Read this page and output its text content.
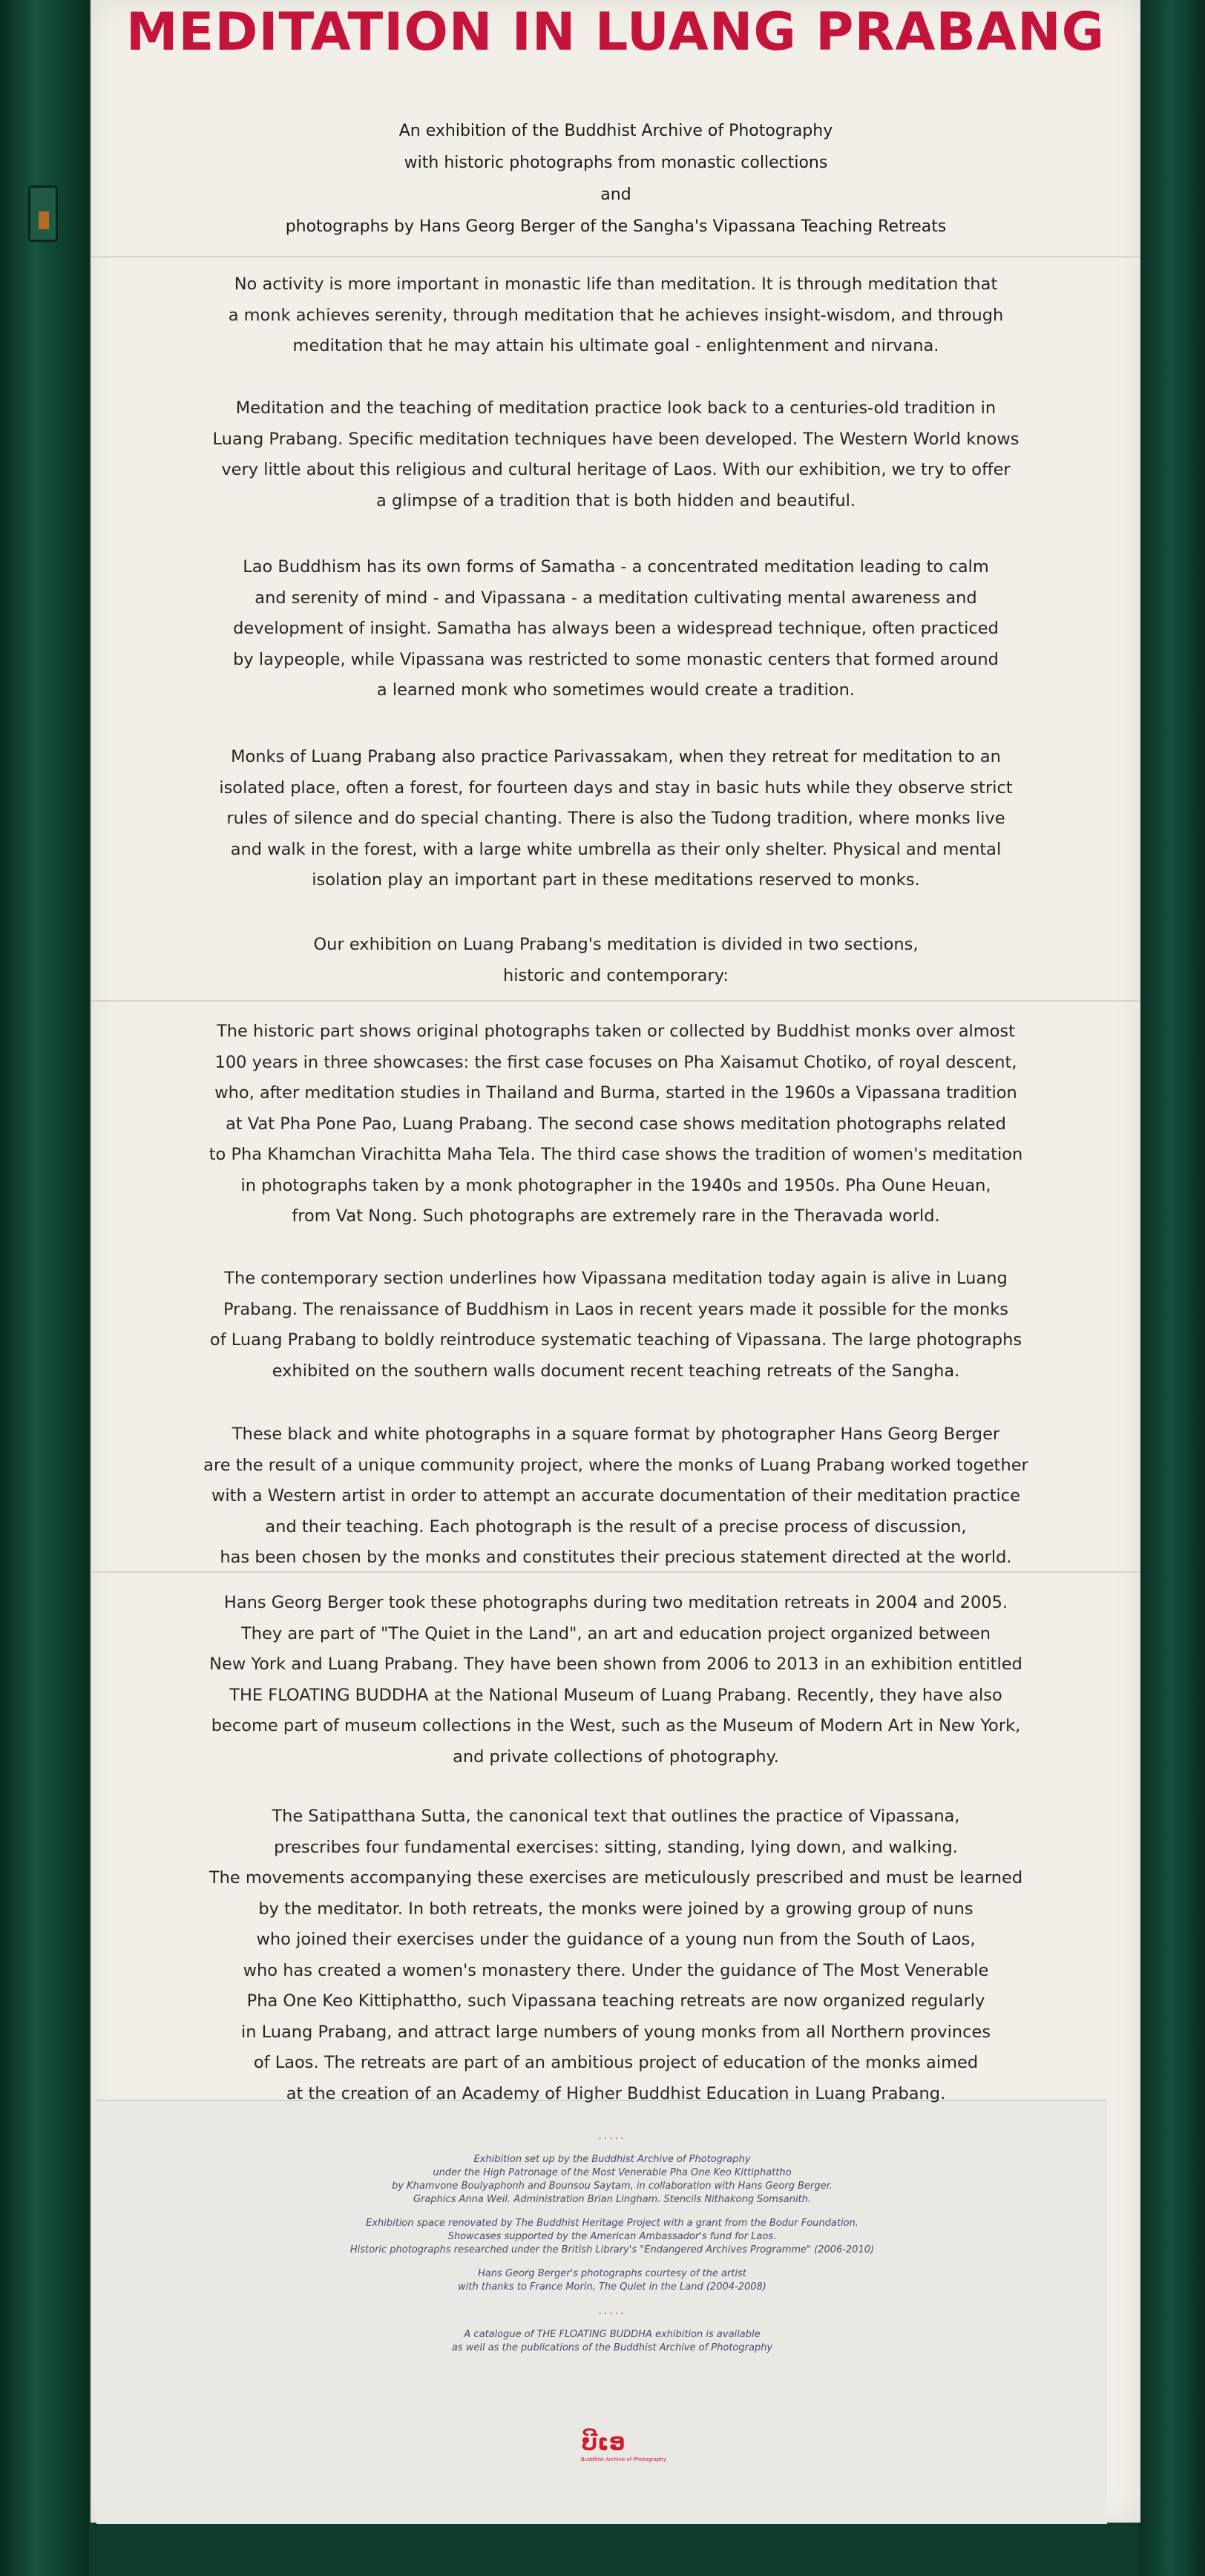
MEDITATION IN LUANG PRABANG
An exhibition of the Buddhist Archive of Photography
with historic photographs from monastic collections
and
photographs by Hans Georg Berger of the Sangha's Vipassana Teaching Retreats
No activity is more important in monastic life than meditation. It is through meditation that
a monk achieves serenity, through meditation that he achieves insight-wisdom, and through
meditation that he may attain his ultimate goal - enlightenment and nirvana.
Meditation and the teaching of meditation practice look back to a centuries-old tradition in
Luang Prabang. Specific meditation techniques have been developed. The Western World knows
very little about this religious and cultural heritage of Laos. With our exhibition, we try to offer
a glimpse of a tradition that is both hidden and beautiful.
Lao Buddhism has its own forms of Samatha - a concentrated meditation leading to calm
and serenity of mind - and Vipassana - a meditation cultivating mental awareness and
development of insight. Samatha has always been a widespread technique, often practiced
by laypeople, while Vipassana was restricted to some monastic centers that formed around
a learned monk who sometimes would create a tradition.
Monks of Luang Prabang also practice Parivassakam, when they retreat for meditation to an
isolated place, often a forest, for fourteen days and stay in basic huts while they observe strict
rules of silence and do special chanting. There is also the Tudong tradition, where monks live
and walk in the forest, with a large white umbrella as their only shelter. Physical and mental
isolation play an important part in these meditations reserved to monks.
Our exhibition on Luang Prabang's meditation is divided in two sections,
historic and contemporary:
The historic part shows original photographs taken or collected by Buddhist monks over almost
100 years in three showcases: the first case focuses on Pha Xaisamut Chotiko, of royal descent,
who, after meditation studies in Thailand and Burma, started in the 1960s a Vipassana tradition
at Vat Pha Pone Pao, Luang Prabang. The second case shows meditation photographs related
to Pha Khamchan Virachitta Maha Tela. The third case shows the tradition of women's meditation
in photographs taken by a monk photographer in the 1940s and 1950s. Pha Oune Heuan,
from Vat Nong. Such photographs are extremely rare in the Theravada world.
The contemporary section underlines how Vipassana meditation today again is alive in Luang
Prabang. The renaissance of Buddhism in Laos in recent years made it possible for the monks
of Luang Prabang to boldly reintroduce systematic teaching of Vipassana. The large photographs
exhibited on the southern walls document recent teaching retreats of the Sangha.
These black and white photographs in a square format by photographer Hans Georg Berger
are the result of a unique community project, where the monks of Luang Prabang worked together
with a Western artist in order to attempt an accurate documentation of their meditation practice
and their teaching. Each photograph is the result of a precise process of discussion,
has been chosen by the monks and constitutes their precious statement directed at the world.
Hans Georg Berger took these photographs during two meditation retreats in 2004 and 2005.
They are part of "The Quiet in the Land", an art and education project organized between
New York and Luang Prabang. They have been shown from 2006 to 2013 in an exhibition entitled
THE FLOATING BUDDHA at the National Museum of Luang Prabang. Recently, they have also
become part of museum collections in the West, such as the Museum of Modern Art in New York,
and private collections of photography.
The Satipatthana Sutta, the canonical text that outlines the practice of Vipassana,
prescribes four fundamental exercises: sitting, standing, lying down, and walking.
The movements accompanying these exercises are meticulously prescribed and must be learned
by the meditator. In both retreats, the monks were joined by a growing group of nuns
who joined their exercises under the guidance of a young nun from the South of Laos,
who has created a women's monastery there. Under the guidance of The Most Venerable
Pha One Keo Kittiphattho, such Vipassana teaching retreats are now organized regularly
in Luang Prabang, and attract large numbers of young monks from all Northern provinces
of Laos. The retreats are part of an ambitious project of education of the monks aimed
at the creation of an Academy of Higher Buddhist Education in Luang Prabang.
.....
Exhibition set up by the Buddhist Archive of Photography
under the High Patronage of the Most Venerable Pha One Keo Kittiphattho
by Khamvone Boulyaphonh and Bounsou Saytam, in collaboration with Hans Georg Berger.
Graphics Anna Weil. Administration Brian Lingham. Stencils Nithakong Somsanith.
Exhibition space renovated by The Buddhist Heritage Project with a grant from the Bodur Foundation.
Showcases supported by the American Ambassador's fund for Laos.
Historic photographs researched under the British Library's "Endangered Archives Programme" (2006-2010)
Hans Georg Berger's photographs courtesy of the artist
with thanks to France Morin, The Quiet in the Land (2004-2008)
.....
A catalogue of THE FLOATING BUDDHA exhibition is available
as well as the publications of the Buddhist Archive of Photography
ບີເອ
Buddhist Archive of Photography
